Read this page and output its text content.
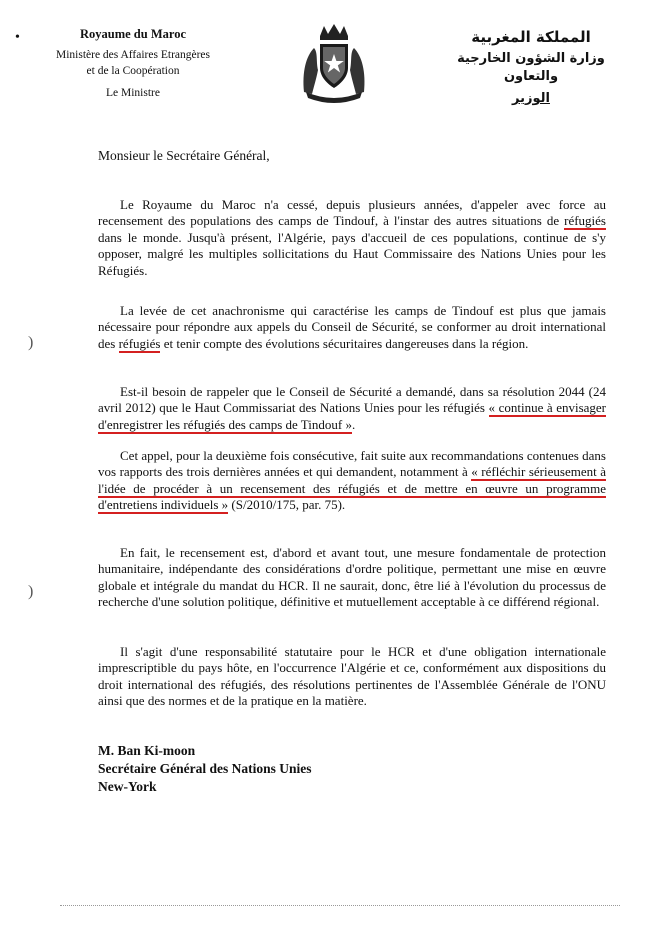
•	Royaume du Maroc
Ministère des Affaires Etrangères
et de la Coopération
Le Ministre
المملكة المغربية
وزارة الشؤون الخارجية
والتعاون
الوزير
Monsieur le Secrétaire Général,

Le Royaume du Maroc n'a cessé, depuis plusieurs années, d'appeler avec force au recensement des populations des camps de Tindouf, à l'instar des autres situations de réfugiés dans le monde. Jusqu'à présent, l'Algérie, pays d'accueil de ces populations, continue de s'y opposer, malgré les multiples sollicitations du Haut Commissaire des Nations Unies pour les Réfugiés.

)

La levée de cet anachronisme qui caractérise les camps de Tindouf est plus que jamais nécessaire pour répondre aux appels du Conseil de Sécurité, se conformer au droit international des réfugiés et tenir compte des évolutions sécuritaires dangereuses dans la région.

Est-il besoin de rappeler que le Conseil de Sécurité a demandé, dans sa résolution 2044 (24 avril 2012) que le Haut Commissariat des Nations Unies pour les réfugiés « continue à envisager d'enregistrer les réfugiés des camps de Tindouf ».

Cet appel, pour la deuxième fois consécutive, fait suite aux recommandations contenues dans vos rapports des trois dernières années et qui demandent, notamment à « réfléchir sérieusement à l'idée de procéder à un recensement des réfugiés et de mettre en œuvre un programme d'entretiens individuels » (S/2010/175, par. 75).

En fait, le recensement est, d'abord et avant tout, une mesure fondamentale de protection humanitaire, indépendante des considérations d'ordre politique, permettant une mise en œuvre globale et intégrale du mandat du HCR. Il ne saurait, donc, être lié à l'évolution du processus de recherche d'une solution politique, définitive et mutuellement acceptable à ce différend régional.

)

Il s'agit d'une responsabilité statutaire pour le HCR et d'une obligation internationale imprescriptible du pays hôte, en l'occurrence l'Algérie et ce, conformément aux dispositions du droit international des réfugiés, des résolutions pertinentes de l'Assemblée Générale de l'ONU ainsi que des normes et de la pratique en la matière.

M. Ban Ki-moon
Secrétaire Général des Nations Unies
New-York
